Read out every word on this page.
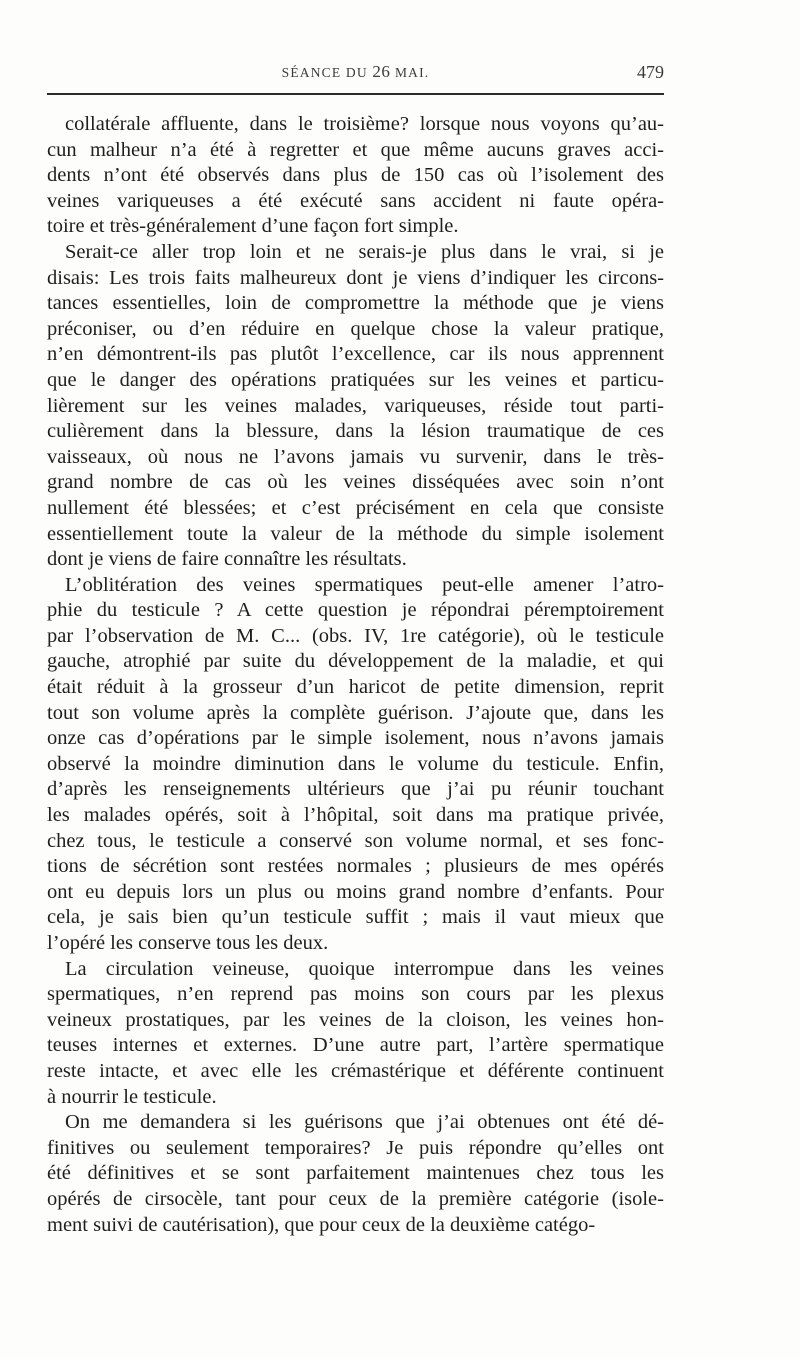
SÉANCE DU 26 MAI.	479

collatérale affluente, dans le troisième? lorsque nous voyons qu’au-
cun malheur n’a été à regretter et que même aucuns graves acci-
dents n’ont été observés dans plus de 150 cas où l’isolement des
veines variqueuses a été exécuté sans accident ni faute opéra-
toire et très-généralement d’une façon fort simple.

Serait-ce aller trop loin et ne serais-je plus dans le vrai, si je
disais: Les trois faits malheureux dont je viens d’indiquer les circons-
tances essentielles, loin de compromettre la méthode que je viens
préconiser, ou d’en réduire en quelque chose la valeur pratique,
n’en démontrent-ils pas plutôt l’excellence, car ils nous apprennent
que le danger des opérations pratiquées sur les veines et particu-
lièrement sur les veines malades, variqueuses, réside tout parti-
culièrement dans la blessure, dans la lésion traumatique de ces
vaisseaux, où nous ne l’avons jamais vu survenir, dans le très-
grand nombre de cas où les veines disséquées avec soin n’ont
nullement été blessées; et c’est précisément en cela que consiste
essentiellement toute la valeur de la méthode du simple isolement
dont je viens de faire connaître les résultats.

L’oblitération des veines spermatiques peut-elle amener l’atro-
phie du testicule ? A cette question je répondrai péremptoirement
par l’observation de M. C... (obs. IV, 1re catégorie), où le testicule
gauche, atrophié par suite du développement de la maladie, et qui
était réduit à la grosseur d’un haricot de petite dimension, reprit
tout son volume après la complète guérison. J’ajoute que, dans les
onze cas d’opérations par le simple isolement, nous n’avons jamais
observé la moindre diminution dans le volume du testicule. Enfin,
d’après les renseignements ultérieurs que j’ai pu réunir touchant
les malades opérés, soit à l’hôpital, soit dans ma pratique privée,
chez tous, le testicule a conservé son volume normal, et ses fonc-
tions de sécrétion sont restées normales ; plusieurs de mes opérés
ont eu depuis lors un plus ou moins grand nombre d’enfants. Pour
cela, je sais bien qu’un testicule suffit ; mais il vaut mieux que
l’opéré les conserve tous les deux.

La circulation veineuse, quoique interrompue dans les veines
spermatiques, n’en reprend pas moins son cours par les plexus
veineux prostatiques, par les veines de la cloison, les veines hon-
teuses internes et externes. D’une autre part, l’artère spermatique
reste intacte, et avec elle les crémastérique et déférente continuent
à nourrir le testicule.

On me demandera si les guérisons que j’ai obtenues ont été dé-
finitives ou seulement temporaires? Je puis répondre qu’elles ont
été définitives et se sont parfaitement maintenues chez tous les
opérés de cirsocèle, tant pour ceux de la première catégorie (isole-
ment suivi de cautérisation), que pour ceux de la deuxième catégo-
